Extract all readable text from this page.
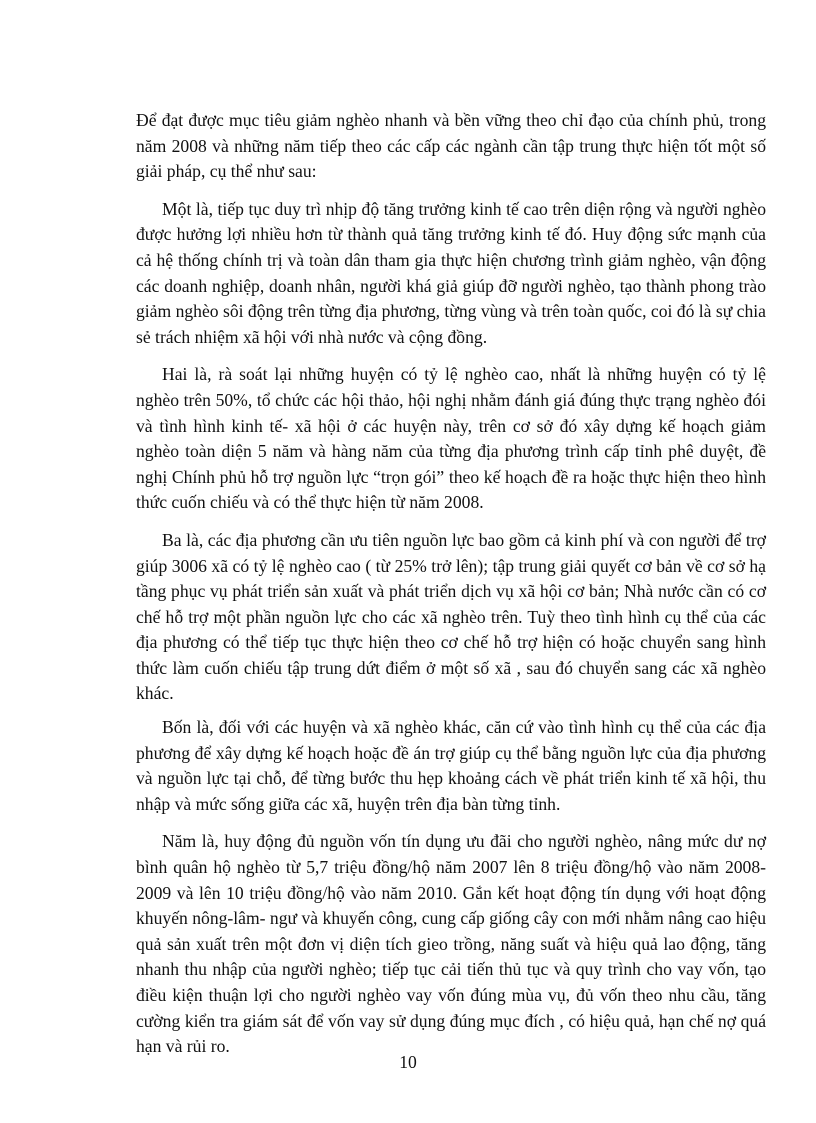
Để đạt được mục tiêu giảm nghèo nhanh và bền vững theo chỉ đạo của chính phủ, trong năm 2008 và những năm tiếp theo các cấp các ngành cần tập trung thực hiện tốt một số giải pháp, cụ thể như sau:

Một là, tiếp tục duy trì nhịp độ tăng trưởng kinh tế cao trên diện rộng và người nghèo được hưởng lợi nhiều hơn từ thành quả tăng trưởng kinh tế đó. Huy động sức mạnh của cả hệ thống chính trị và toàn dân tham gia thực hiện chương trình giảm nghèo, vận động các doanh nghiệp, doanh nhân, người khá giả giúp đỡ người nghèo, tạo thành phong trào giảm nghèo sôi động trên từng địa phương, từng vùng và trên toàn quốc, coi đó là sự chia sẻ trách nhiệm xã hội với nhà nước và cộng đồng.

Hai là, rà soát lại những huyện có tỷ lệ nghèo cao, nhất là những huyện có tỷ lệ nghèo trên 50%, tổ chức các hội thảo, hội nghị nhằm đánh giá đúng thực trạng nghèo đói và tình hình kinh tế- xã hội ở các huyện này, trên cơ sở đó xây dựng kế hoạch giảm nghèo toàn diện 5 năm và hàng năm của từng địa phương trình cấp tỉnh phê duyệt, đề nghị Chính phủ hỗ trợ nguồn lực “trọn gói” theo kế hoạch đề ra hoặc thực hiện theo hình thức cuốn chiếu và có thể thực hiện từ năm 2008.

Ba là, các địa phương cần ưu tiên nguồn lực bao gồm cả kinh phí và con người để trợ giúp 3006 xã có tỷ lệ nghèo cao ( từ 25% trở lên); tập trung giải quyết cơ bản về cơ sở hạ tầng phục vụ phát triển sản xuất và phát triển dịch vụ xã hội cơ bản; Nhà nước cần có cơ chế hỗ trợ một phần nguồn lực cho các xã nghèo trên. Tuỳ theo tình hình cụ thể của các địa phương có thể tiếp tục thực hiện theo cơ chế hỗ trợ hiện có hoặc chuyển sang hình thức làm cuốn chiếu tập trung dứt điểm ở một số xã , sau đó chuyển sang các xã nghèo khác.

Bốn là, đối với các huyện và xã nghèo khác, căn cứ vào tình hình cụ thể của các địa phương để xây dựng kế hoạch hoặc đề án trợ giúp cụ thể bằng nguồn lực của địa phương và nguồn lực tại chỗ, để từng bước thu hẹp khoảng cách về phát triển kinh tế xã hội, thu nhập và mức sống giữa các xã, huyện trên địa bàn từng tỉnh.

Năm là, huy động đủ nguồn vốn tín dụng ưu đãi cho người nghèo, nâng mức dư nợ bình quân hộ nghèo từ 5,7 triệu đồng/hộ năm 2007 lên 8 triệu đồng/hộ vào năm 2008-2009 và lên 10 triệu đồng/hộ vào năm 2010. Gắn kết hoạt động tín dụng với hoạt động khuyến nông-lâm- ngư và khuyến công, cung cấp giống cây con mới nhằm nâng cao hiệu quả sản xuất trên một đơn vị diện tích gieo trồng, năng suất và hiệu quả lao động, tăng nhanh thu nhập của người nghèo; tiếp tục cải tiến thủ tục và quy trình cho vay vốn, tạo điều kiện thuận lợi cho người nghèo vay vốn đúng mùa vụ, đủ vốn theo nhu cầu, tăng cường kiển tra giám sát để vốn vay sử dụng đúng mục đích , có hiệu quả, hạn chế nợ quá hạn và rủi ro.

10
